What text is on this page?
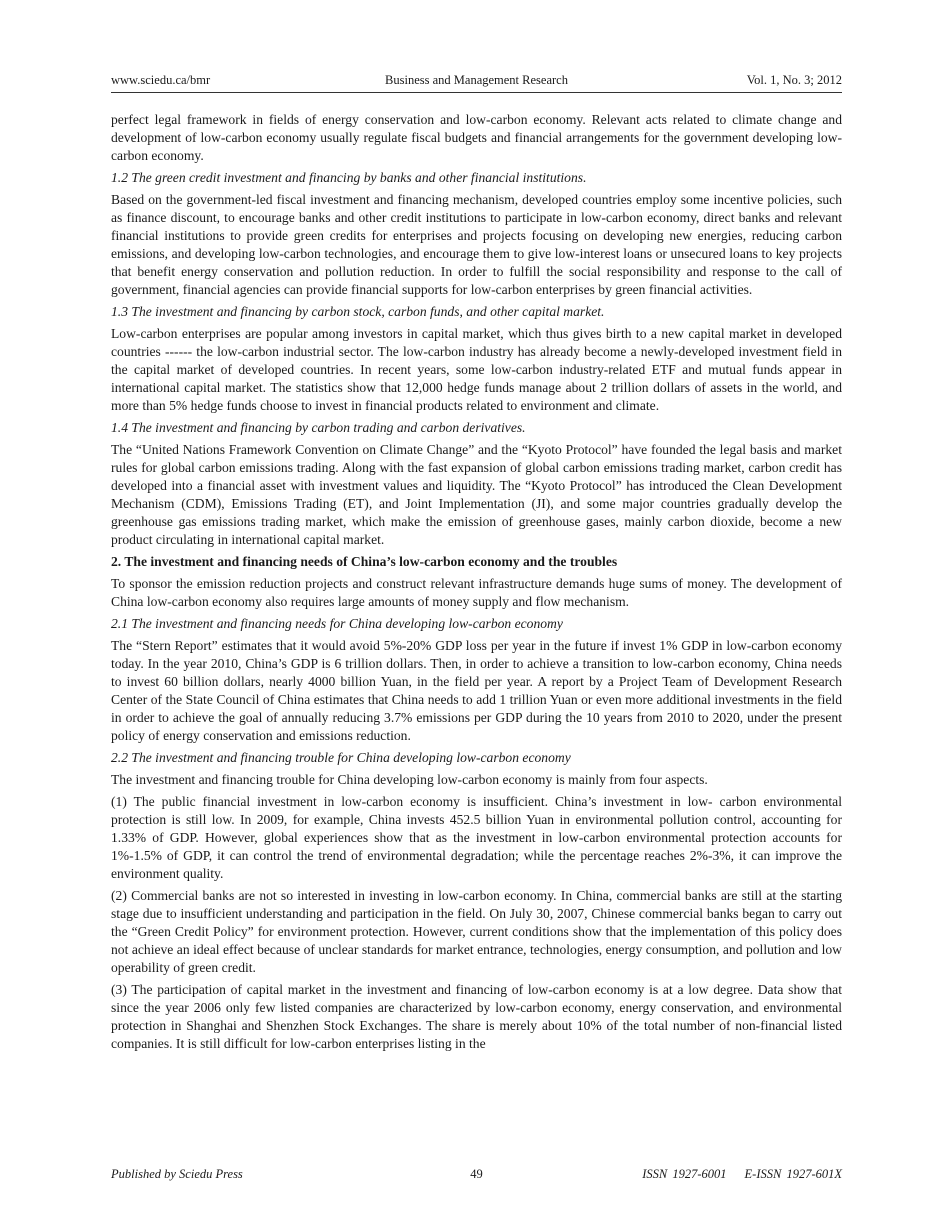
www.sciedu.ca/bmr	Business and Management Research	Vol. 1, No. 3; 2012

perfect legal framework in fields of energy conservation and low-carbon economy. Relevant acts related to climate change and development of low-carbon economy usually regulate fiscal budgets and financial arrangements for the government developing low-carbon economy.

1.2 The green credit investment and financing by banks and other financial institutions.

Based on the government-led fiscal investment and financing mechanism, developed countries employ some incentive policies, such as finance discount, to encourage banks and other credit institutions to participate in low-carbon economy, direct banks and relevant financial institutions to provide green credits for enterprises and projects focusing on developing new energies, reducing carbon emissions, and developing low-carbon technologies, and encourage them to give low-interest loans or unsecured loans to key projects that benefit energy conservation and pollution reduction. In order to fulfill the social responsibility and response to the call of government, financial agencies can provide financial supports for low-carbon enterprises by green financial activities.

1.3 The investment and financing by carbon stock, carbon funds, and other capital market.

Low-carbon enterprises are popular among investors in capital market, which thus gives birth to a new capital market in developed countries ------ the low-carbon industrial sector. The low-carbon industry has already become a newly-developed investment field in the capital market of developed countries. In recent years, some low-carbon industry-related ETF and mutual funds appear in international capital market. The statistics show that 12,000 hedge funds manage about 2 trillion dollars of assets in the world, and more than 5% hedge funds choose to invest in financial products related to environment and climate.

1.4 The investment and financing by carbon trading and carbon derivatives.

The “United Nations Framework Convention on Climate Change” and the “Kyoto Protocol” have founded the legal basis and market rules for global carbon emissions trading. Along with the fast expansion of global carbon emissions trading market, carbon credit has developed into a financial asset with investment values and liquidity. The “Kyoto Protocol” has introduced the Clean Development Mechanism (CDM), Emissions Trading (ET), and Joint Implementation (JI), and some major countries gradually develop the greenhouse gas emissions trading market, which make the emission of greenhouse gases, mainly carbon dioxide, become a new product circulating in international capital market.

2. The investment and financing needs of China’s low-carbon economy and the troubles

To sponsor the emission reduction projects and construct relevant infrastructure demands huge sums of money. The development of China low-carbon economy also requires large amounts of money supply and flow mechanism.

2.1 The investment and financing needs for China developing low-carbon economy

The “Stern Report” estimates that it would avoid 5%-20% GDP loss per year in the future if invest 1% GDP in low-carbon economy today. In the year 2010, China’s GDP is 6 trillion dollars. Then, in order to achieve a transition to low-carbon economy, China needs to invest 60 billion dollars, nearly 4000 billion Yuan, in the field per year. A report by a Project Team of Development Research Center of the State Council of China estimates that China needs to add 1 trillion Yuan or even more additional investments in the field in order to achieve the goal of annually reducing 3.7% emissions per GDP during the 10 years from 2010 to 2020, under the present policy of energy conservation and emissions reduction.

2.2 The investment and financing trouble for China developing low-carbon economy

The investment and financing trouble for China developing low-carbon economy is mainly from four aspects.

(1) The public financial investment in low-carbon economy is insufficient. China’s investment in low- carbon environmental protection is still low. In 2009, for example, China invests 452.5 billion Yuan in environmental pollution control, accounting for 1.33% of GDP. However, global experiences show that as the investment in low-carbon environmental protection accounts for 1%-1.5% of GDP, it can control the trend of environmental degradation; while the percentage reaches 2%-3%, it can improve the environment quality.

(2) Commercial banks are not so interested in investing in low-carbon economy. In China, commercial banks are still at the starting stage due to insufficient understanding and participation in the field. On July 30, 2007, Chinese commercial banks began to carry out the “Green Credit Policy” for environment protection. However, current conditions show that the implementation of this policy does not achieve an ideal effect because of unclear standards for market entrance, technologies, energy consumption, and pollution and low operability of green credit.

(3) The participation of capital market in the investment and financing of low-carbon economy is at a low degree. Data show that since the year 2006 only few listed companies are characterized by low-carbon economy, energy conservation, and environmental protection in Shanghai and Shenzhen Stock Exchanges. The share is merely about 10% of the total number of non-financial listed companies. It is still difficult for low-carbon enterprises listing in the

Published by Sciedu Press	49	ISSN 1927-6001 E-ISSN 1927-601X
